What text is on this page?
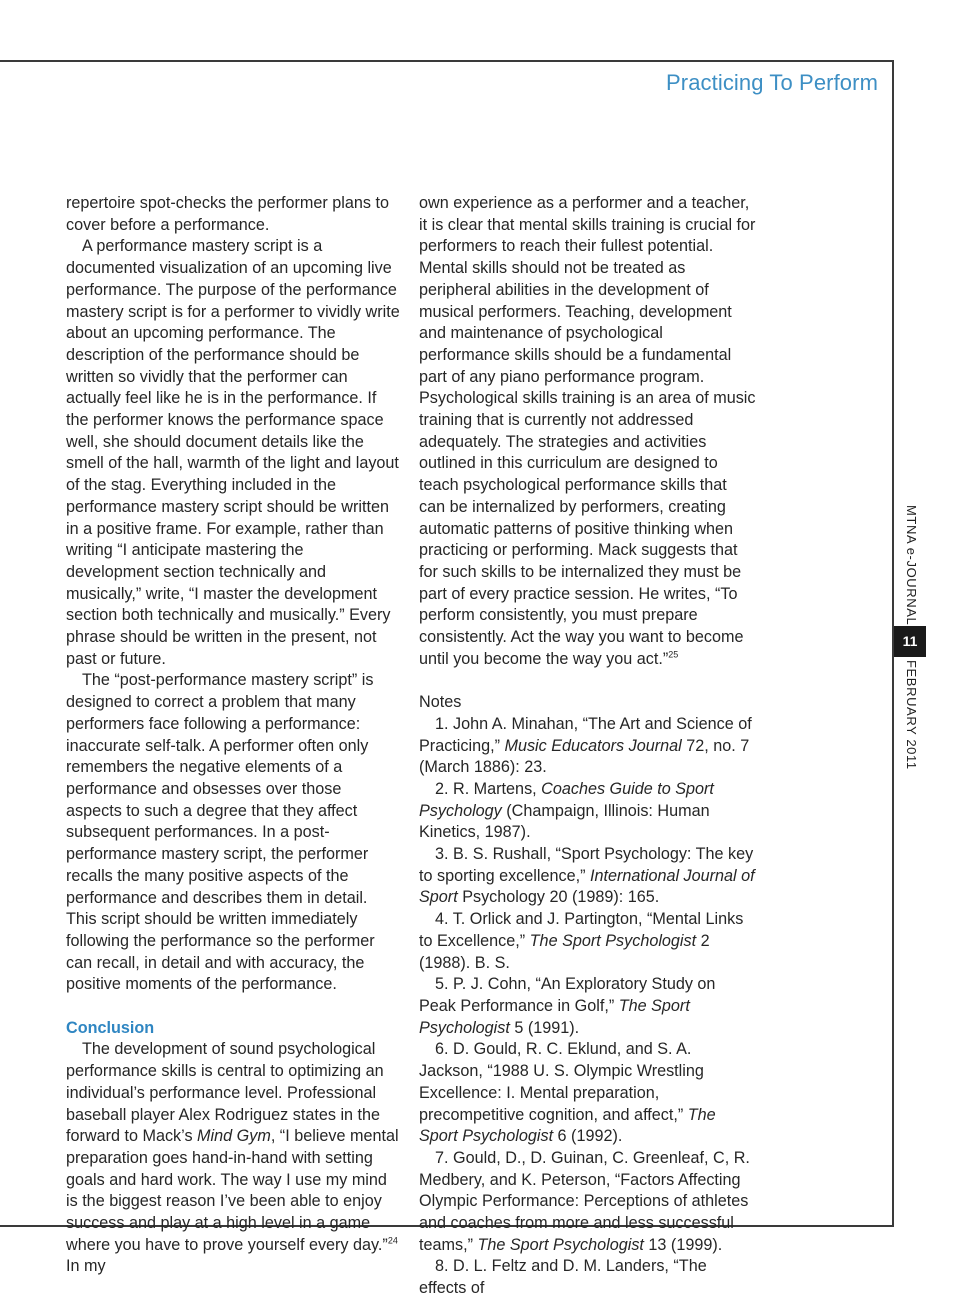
Practicing To Perform

repertoire spot-checks the performer plans to cover before a performance.

A performance mastery script is a documented visualization of an upcoming live performance. The purpose of the performance mastery script is for a performer to vividly write about an upcoming performance. The description of the performance should be written so vividly that the performer can actually feel like he is in the performance. If the performer knows the performance space well, she should document details like the smell of the hall, warmth of the light and layout of the stag. Everything included in the performance mastery script should be written in a positive frame. For example, rather than writing “I anticipate mastering the development section technically and musically,” write, “I master the development section both technically and musically.” Every phrase should be written in the present, not past or future.

The “post-performance mastery script” is designed to correct a problem that many performers face following a performance: inaccurate self-talk. A performer often only remembers the negative elements of a performance and obsesses over those aspects to such a degree that they affect subsequent performances. In a post-performance mastery script, the performer recalls the many positive aspects of the performance and describes them in detail. This script should be written immediately following the performance so the performer can recall, in detail and with accuracy, the positive moments of the performance.

Conclusion

The development of sound psychological performance skills is central to optimizing an individual’s performance level. Professional baseball player Alex Rodriguez states in the forward to Mack’s Mind Gym, “I believe mental preparation goes hand-in-hand with setting goals and hard work. The way I use my mind is the biggest reason I’ve been able to enjoy success and play at a high level in a game where you have to prove yourself every day.”$^{24}$ In my

own experience as a performer and a teacher, it is clear that mental skills training is crucial for performers to reach their fullest potential. Mental skills should not be treated as peripheral abilities in the development of musical performers. Teaching, development and maintenance of psychological performance skills should be a fundamental part of any piano performance program. Psychological skills training is an area of music training that is currently not addressed adequately. The strategies and activities outlined in this curriculum are designed to teach psychological performance skills that can be internalized by performers, creating automatic patterns of positive thinking when practicing or performing. Mack suggests that for such skills to be internalized they must be part of every practice session. He writes, “To perform consistently, you must prepare consistently. Act the way you want to become until you become the way you act.”$^{25}$

Notes

1. John A. Minahan, “The Art and Science of Practicing,” Music Educators Journal 72, no. 7 (March 1886): 23.

2. R. Martens, Coaches Guide to Sport Psychology (Champaign, Illinois: Human Kinetics, 1987).

3. B. S. Rushall, “Sport Psychology: The key to sporting excellence,” International Journal of Sport Psychology 20 (1989): 165.

4. T. Orlick and J. Partington, “Mental Links to Excellence,” The Sport Psychologist 2 (1988). B. S.

5. P. J. Cohn, “An Exploratory Study on Peak Performance in Golf,” The Sport Psychologist 5 (1991).

6. D. Gould, R. C. Eklund, and S. A. Jackson, “1988 U. S. Olympic Wrestling Excellence: I. Mental preparation, precompetitive cognition, and affect,” The Sport Psychologist 6 (1992).

7. Gould, D., D. Guinan, C. Greenleaf, C, R. Medbery, and K. Peterson, “Factors Affecting Olympic Performance: Perceptions of athletes and coaches from more and less successful teams,” The Sport Psychologist 13 (1999).

8. D. L. Feltz and D. M. Landers, “The effects of

MTNA e-JOURNAL
11
FEBRUARY 2011
